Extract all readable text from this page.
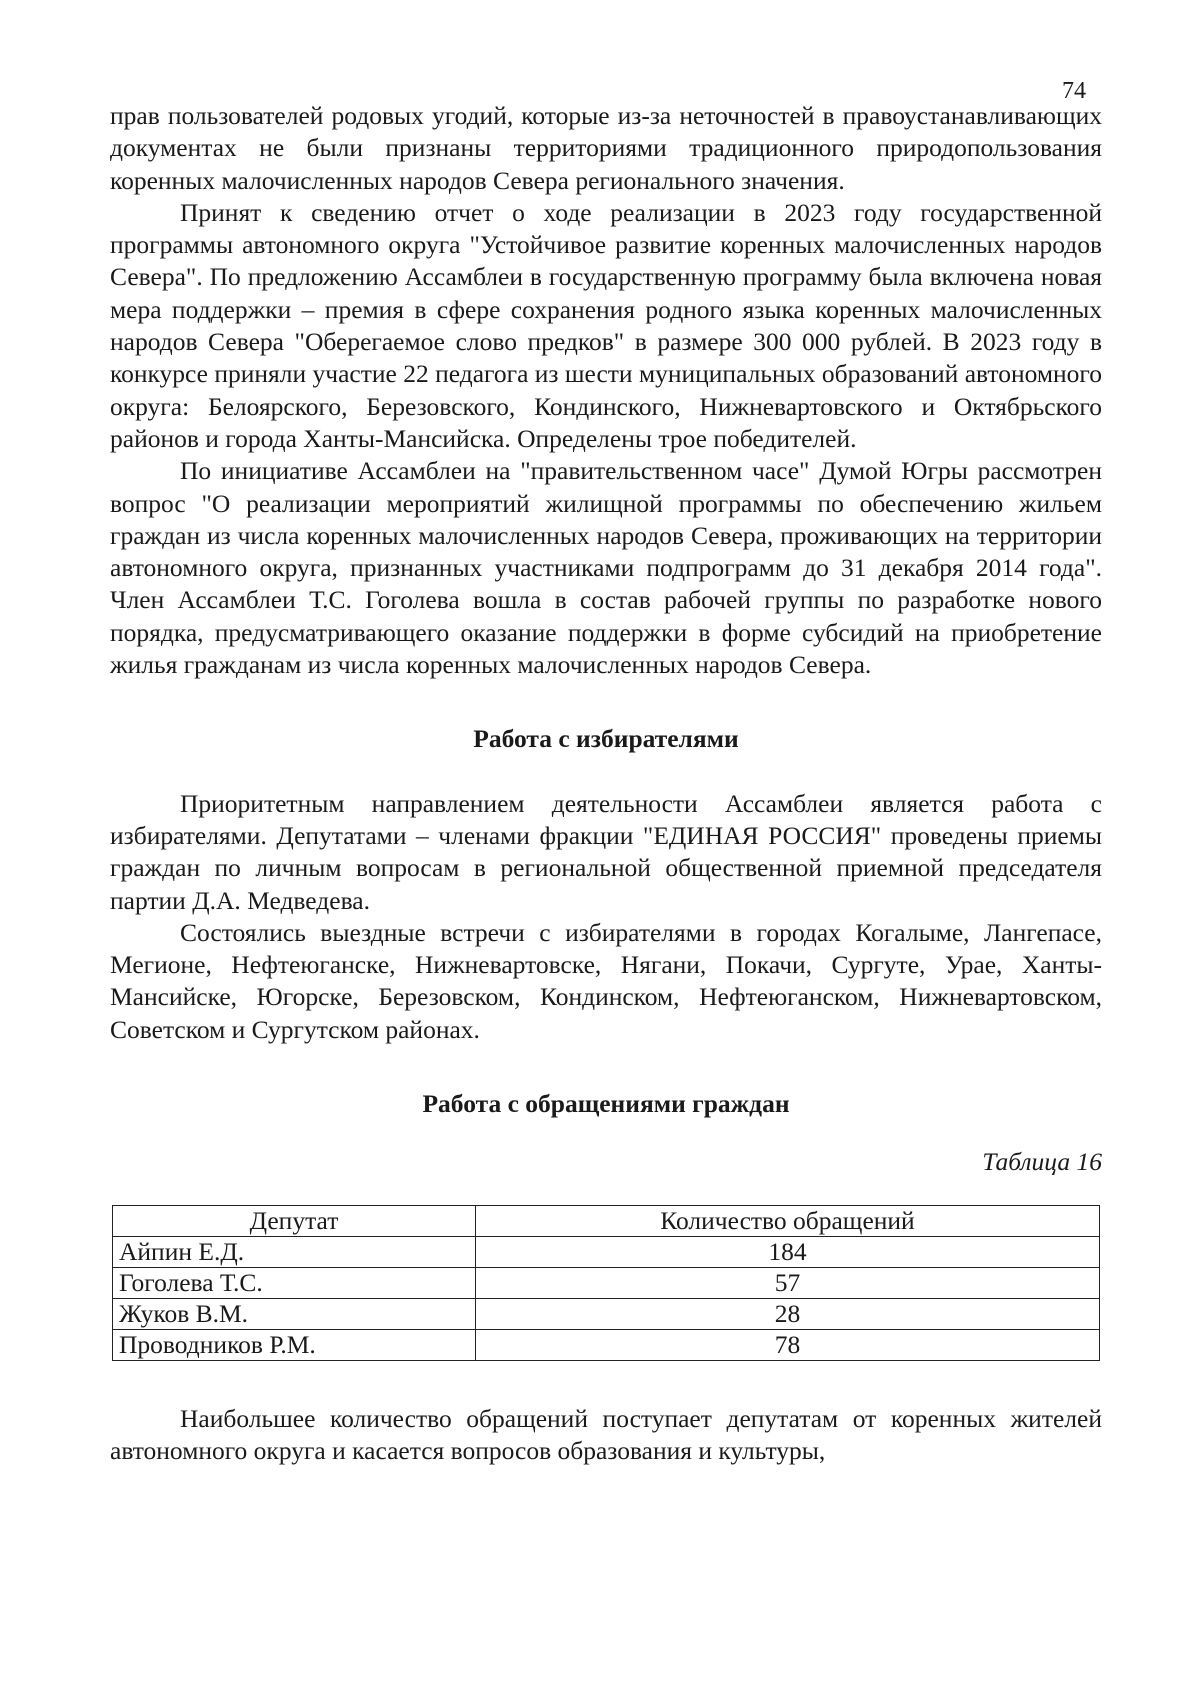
74

прав пользователей родовых угодий, которые из-за неточностей в правоустанавливающих документах не были признаны территориями традиционного природопользования коренных малочисленных народов Севера регионального значения.

Принят к сведению отчет о ходе реализации в 2023 году государственной программы автономного округа "Устойчивое развитие коренных малочисленных народов Севера". По предложению Ассамблеи в государственную программу была включена новая мера поддержки – премия в сфере сохранения родного языка коренных малочисленных народов Севера "Оберегаемое слово предков" в размере 300 000 рублей. В 2023 году в конкурсе приняли участие 22 педагога из шести муниципальных образований автономного округа: Белоярского, Березовского, Кондинского, Нижневартовского и Октябрьского районов и города Ханты-Мансийска. Определены трое победителей.

По инициативе Ассамблеи на "правительственном часе" Думой Югры рассмотрен вопрос "О реализации мероприятий жилищной программы по обеспечению жильем граждан из числа коренных малочисленных народов Севера, проживающих на территории автономного округа, признанных участниками подпрограмм до 31 декабря 2014 года". Член Ассамблеи Т.С. Гоголева вошла в состав рабочей группы по разработке нового порядка, предусматривающего оказание поддержки в форме субсидий на приобретение жилья гражданам из числа коренных малочисленных народов Севера.

Работа с избирателями

Приоритетным направлением деятельности Ассамблеи является работа с избирателями. Депутатами – членами фракции "ЕДИНАЯ РОССИЯ" проведены приемы граждан по личным вопросам в региональной общественной приемной председателя партии Д.А. Медведева.

Состоялись выездные встречи с избирателями в городах Когалыме, Лангепасе, Мегионе, Нефтеюганске, Нижневартовске, Нягани, Покачи, Сургуте, Урае, Ханты-Мансийске, Югорске, Березовском, Кондинском, Нефтеюганском, Нижневартовском, Советском и Сургутском районах.

Работа с обращениями граждан

Таблица 16

Депутат	Количество обращений
Айпин Е.Д.	184
Гоголева Т.С.	57
Жуков В.М.	28
Проводников Р.М.	78

Наибольшее количество обращений поступает депутатам от коренных жителей автономного округа и касается вопросов образования и культуры,
